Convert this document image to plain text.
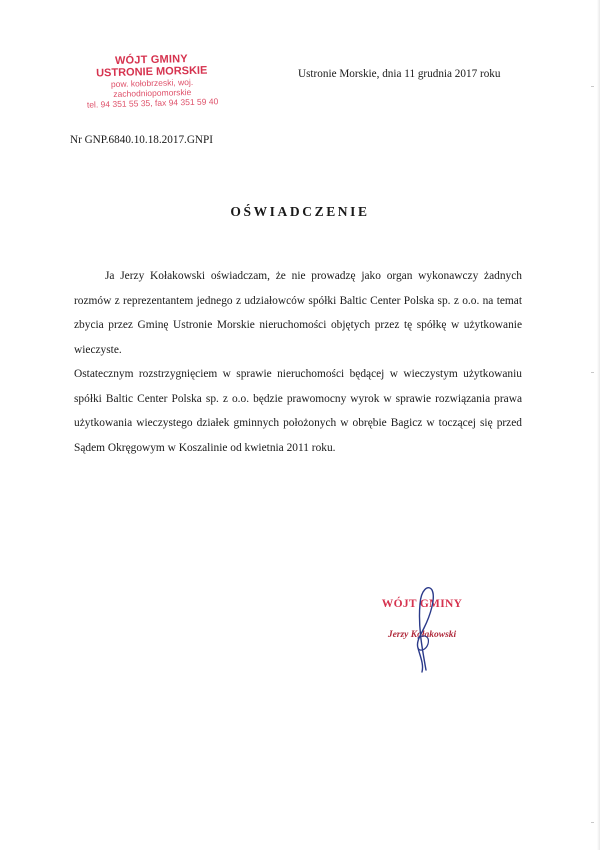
WÓJT GMINY
USTRONIE MORSKIE
pow. kołobrzeski, woj. zachodniopomorskie
tel. 94 351 55 35, fax 94 351 59 40
Ustronie Morskie, dnia 11 grudnia 2017 roku
Nr GNP.6840.10.18.2017.GNPI
OŚWIADCZENIE

Ja Jerzy Kołakowski oświadczam, że nie prowadzę jako organ wykonawczy żadnych rozmów z reprezentantem jednego z udziałowców spółki Baltic Center Polska sp. z o.o. na temat zbycia przez Gminę Ustronie Morskie nieruchomości objętych przez tę spółkę w użytkowanie wieczyste.

Ostatecznym rozstrzygnięciem w sprawie nieruchomości będącej w wieczystym użytkowaniu spółki Baltic Center Polska sp. z o.o. będzie prawomocny wyrok w sprawie rozwiązania prawa użytkowania wieczystego działek gminnych położonych w obrębie Bagicz w toczącej się przed Sądem Okręgowym w Koszalinie od kwietnia 2011 roku.

WÓJT GMINY
Jerzy Kołakowski
